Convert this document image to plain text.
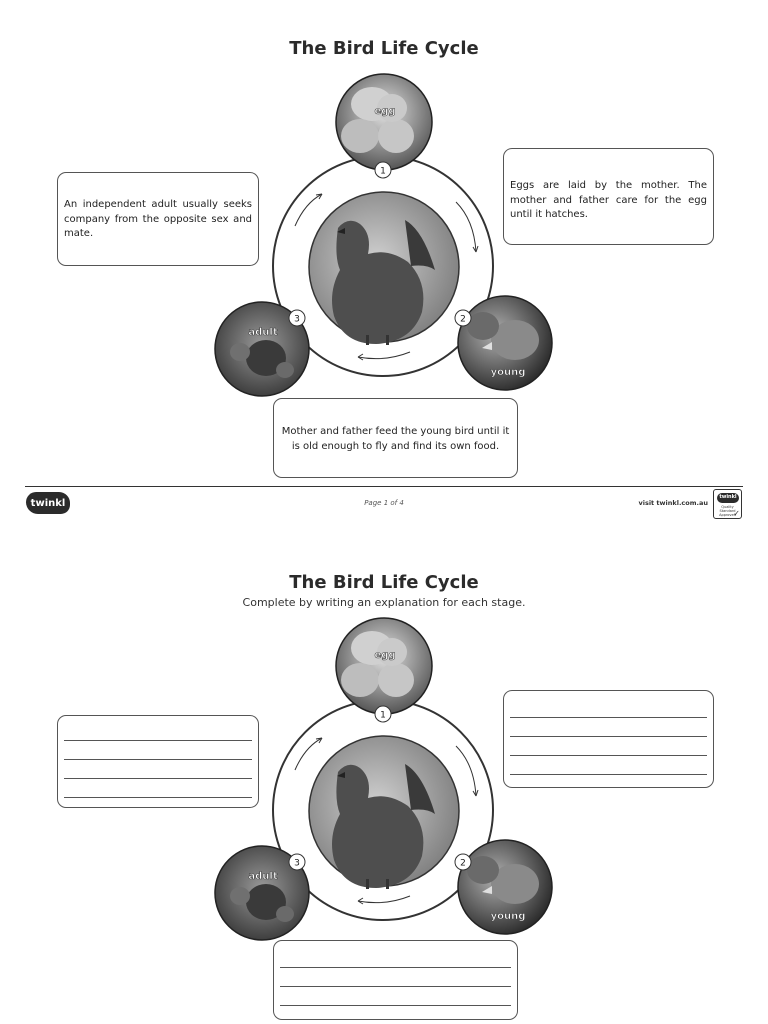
The Bird Life Cycle

An independent adult usually seeks company from the opposite sex and mate.

Eggs are laid by the mother. The mother and father care for the egg until it hatches.

Mother and father feed the young bird until it is old enough to fly and find its own food.

egg
1
young
2
adult
3
twinkl	Page 1 of 4	visit twinkl.com.au
twinkl
Quality Standard Approved
✓
The Bird Life Cycle
Complete by writing an explanation for each stage.
egg
1
young
2
adult
3
